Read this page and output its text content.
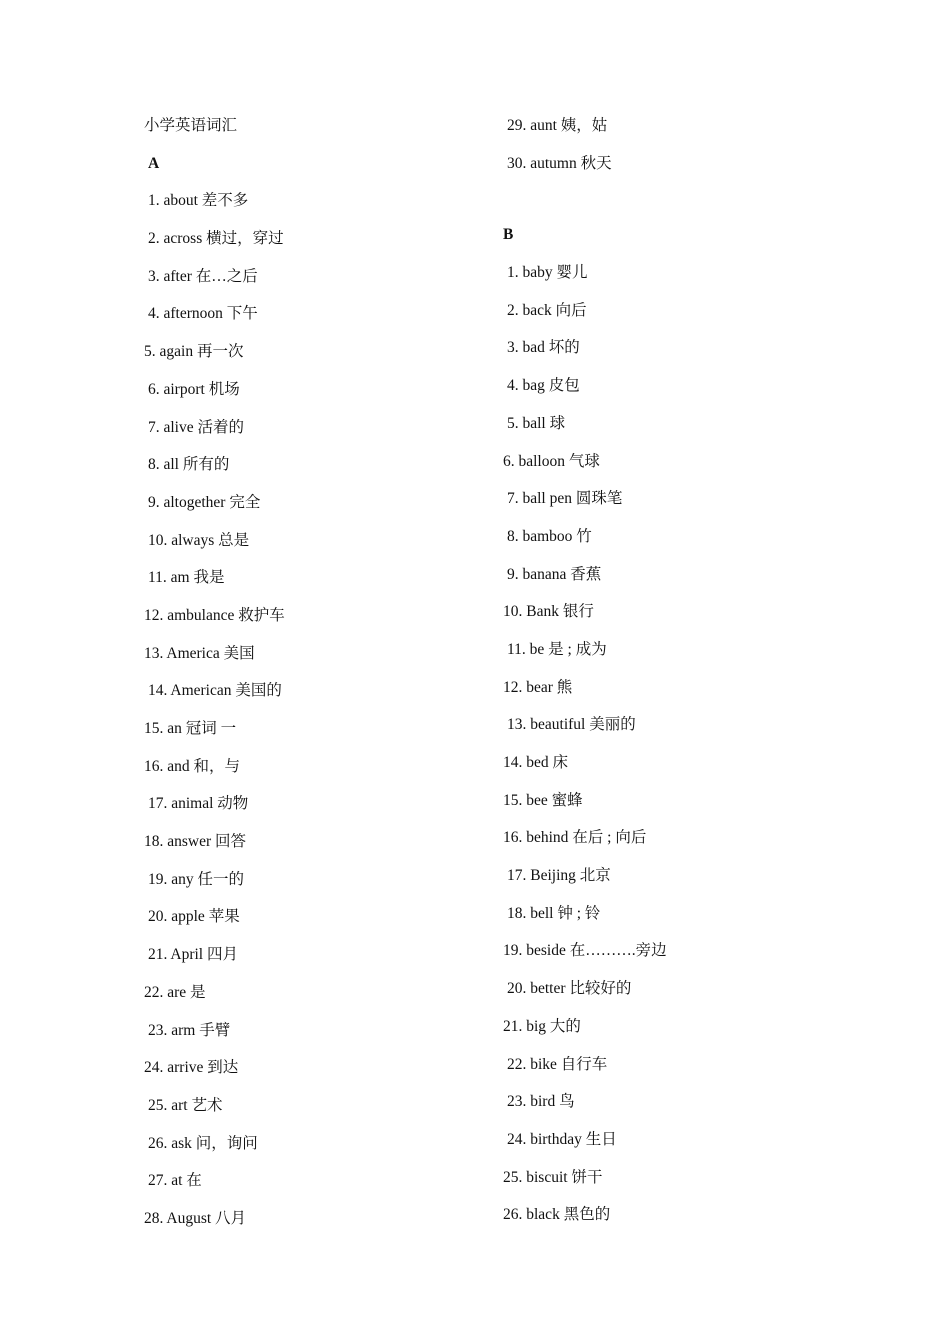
小学英语词汇
A
1. about 差不多
2. across 横过，穿过
3. after 在…之后
4. afternoon 下午
5. again 再一次
6. airport 机场
7. alive 活着的
8. all 所有的
9. altogether 完全
10. always 总是
11. am 我是
12. ambulance 救护车
13. America 美国
14. American 美国的
15. an 冠词 一
16. and 和，与
17. animal 动物
18. answer 回答
19. any 任一的
20. apple 苹果
21. April 四月
22. are 是
23. arm 手臂
24. arrive 到达
25. art 艺术
26. ask 问，询问
27. at 在
28. August 八月
29. aunt 姨，姑
30. autumn 秋天
B
1. baby 婴儿
2. back 向后
3. bad 坏的
4. bag 皮包
5. ball 球
6. balloon 气球
7. ball pen 圆珠笔
8. bamboo 竹
9. banana 香蕉
10. Bank 银行
11. be 是 ; 成为
12. bear 熊
13. beautiful 美丽的
14. bed 床
15. bee 蜜蜂
16. behind 在后 ; 向后
17. Beijing 北京
18. bell 钟 ; 铃
19. beside 在……….旁边
20. better 比较好的
21. big 大的
22. bike 自行车
23. bird 鸟
24. birthday 生日
25. biscuit 饼干
26. black 黑色的
